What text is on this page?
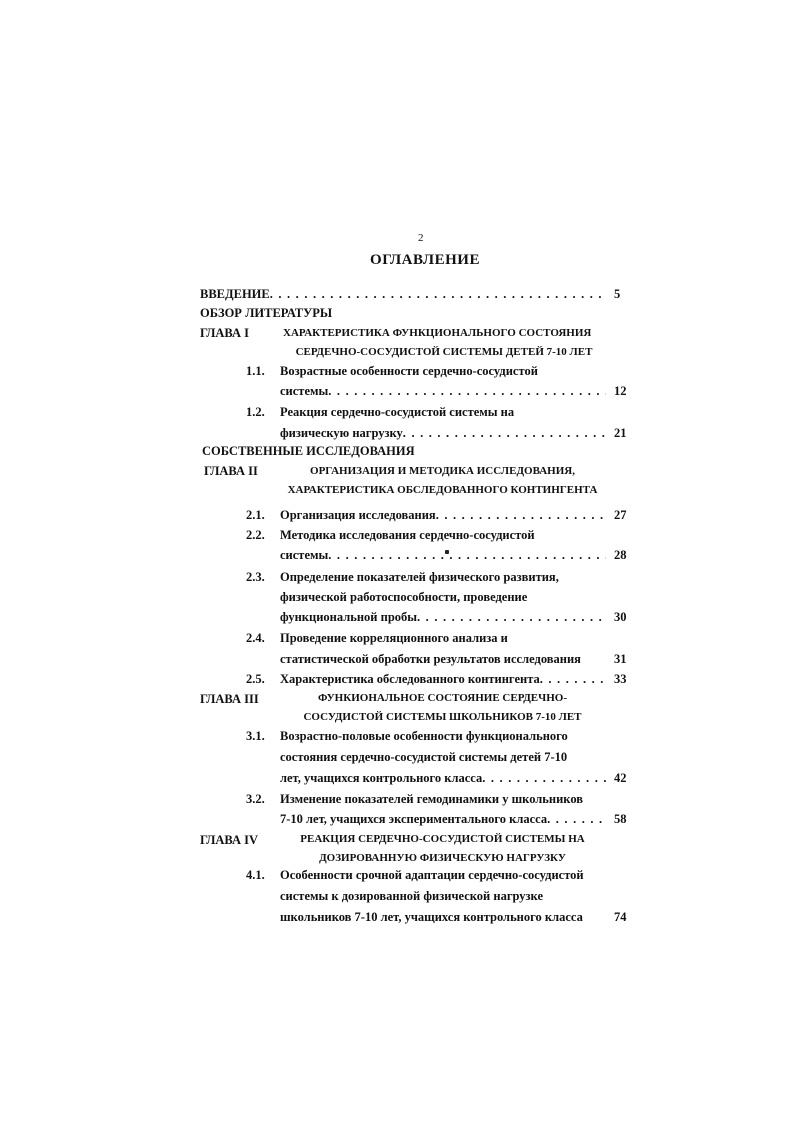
2
ОГЛАВЛЕНИЕ
ВВЕДЕНИЕ . . .	5
ОБЗОР ЛИТЕРАТУРЫ
ГЛАВА I	ХАРАКТЕРИСТИКА ФУНКЦИОНАЛЬНОГО СОСТОЯНИЯ
СЕРДЕЧНО-СОСУДИСТОЙ СИСТЕМЫ ДЕТЕЙ 7-10 ЛЕТ
1.1. Возрастные особенности сердечно-сосудистой
системы . . .	12
1.2. Реакция сердечно-сосудистой системы на
физическую нагрузку . . .	21
СОБСТВЕННЫЕ ИССЛЕДОВАНИЯ
ГЛАВА II	ОРГАНИЗАЦИЯ И МЕТОДИКА ИССЛЕДОВАНИЯ,
ХАРАКТЕРИСТИКА ОБСЛЕДОВАННОГО КОНТИНГЕНТА
2.1. Организация исследования . . .	27
2.2. Методика исследования сердечно-сосудистой
системы . . .	28
2.3. Определение показателей физического развития,
физической работоспособности, проведение
функциональной пробы . . .	30
2.4. Проведение корреляционного анализа и
статистической обработки результатов исследования	31
2.5. Характеристика обследованного контингента . . .	33
ГЛАВА III	ФУНКИОНАЛЬНОЕ СОСТОЯНИЕ СЕРДЕЧНО-
СОСУДИСТОЙ СИСТЕМЫ ШКОЛЬНИКОВ 7-10 ЛЕТ
3.1. Возрастно-половые особенности функционального
состояния сердечно-сосудистой системы детей 7-10
лет, учащихся контрольного класса . . .	42
3.2. Изменение показателей гемодинамики у школьников
7-10 лет, учащихся экспериментального класса . . .	58
ГЛАВА IV	РЕАКЦИЯ СЕРДЕЧНО-СОСУДИСТОЙ СИСТЕМЫ НА
ДОЗИРОВАННУЮ ФИЗИЧЕСКУЮ НАГРУЗКУ
4.1. Особенности срочной адаптации сердечно-сосудистой
системы к дозированной физической нагрузке
школьников 7-10 лет, учащихся контрольного класса 74
